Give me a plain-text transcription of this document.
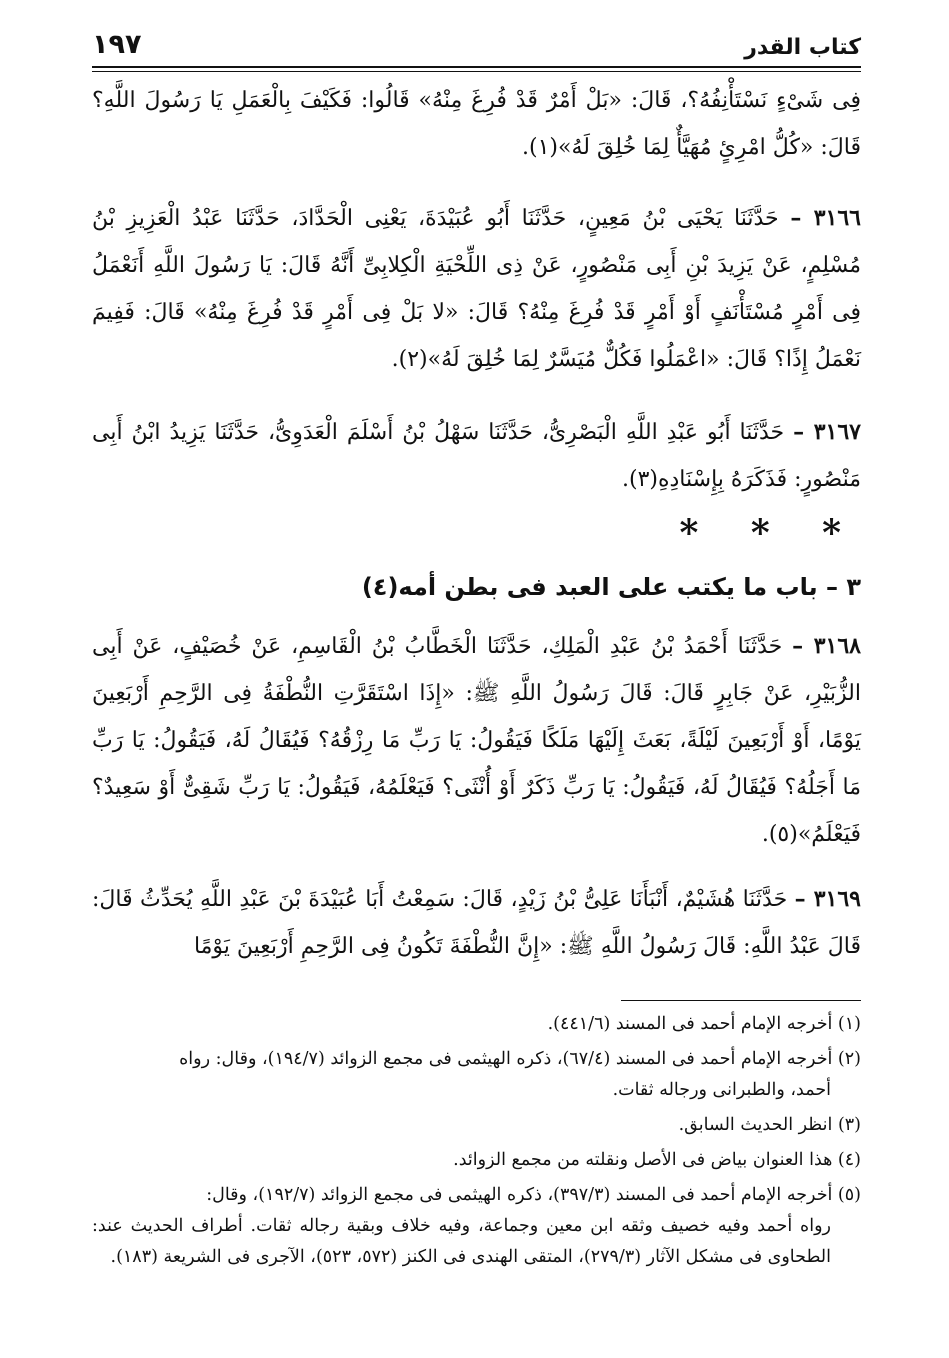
كتاب القدر
١٩٧

فِى شَىْءٍ نَسْتَأْنِفُهُ؟، قَالَ: «بَلْ أَمْرٌ قَدْ فُرِغَ مِنْهُ» قَالُوا: فَكَيْفَ بِالْعَمَلِ يَا رَسُولَ اللَّهِ؟ قَالَ: «كُلُّ امْرِئٍ مُهَيَّأٌ لِمَا خُلِقَ لَهُ»(١).

٣١٦٦ – حَدَّثَنَا يَحْيَى بْنُ مَعِينٍ، حَدَّثَنَا أَبُو عُبَيْدَةَ، يَعْنِى الْحَدَّادَ، حَدَّثَنَا عَبْدُ الْعَزِيزِ بْنُ مُسْلِمٍ، عَنْ يَزِيدَ بْنِ أَبِى مَنْصُورٍ، عَنْ ذِى اللِّحْيَةِ الْكِلابِىِّ أَنَّهُ قَالَ: يَا رَسُولَ اللَّهِ أَنَعْمَلُ فِى أَمْرٍ مُسْتَأْنَفٍ أَوْ أَمْرٍ قَدْ فُرِغَ مِنْهُ؟ قَالَ: «لا بَلْ فِى أَمْرٍ قَدْ فُرِغَ مِنْهُ» قَالَ: فَفِيمَ نَعْمَلُ إِذًا؟ قَالَ: «اعْمَلُوا فَكُلٌّ مُيَسَّرٌ لِمَا خُلِقَ لَهُ»(٢).

٣١٦٧ – حَدَّثَنَا أَبُو عَبْدِ اللَّهِ الْبَصْرِىُّ، حَدَّثَنَا سَهْلُ بْنُ أَسْلَمَ الْعَدَوِىُّ، حَدَّثَنَا يَزِيدُ ابْنُ أَبِى مَنْصُورٍ: فَذَكَرَهُ بِإِسْنَادِهِ(٣).

* * *
٣ – باب ما يكتب على العبد فى بطن أمه(٤)

٣١٦٨ – حَدَّثَنَا أَحْمَدُ بْنُ عَبْدِ الْمَلِكِ، حَدَّثَنَا الْخَطَّابُ بْنُ الْقَاسِمِ، عَنْ خُصَيْفٍ، عَنْ أَبِى الزُّبَيْرِ، عَنْ جَابِرٍ قَالَ: قَالَ رَسُولُ اللَّهِ ﷺ: «إِذَا اسْتَقَرَّتِ النُّطْفَةُ فِى الرَّحِمِ أَرْبَعِينَ يَوْمًا، أَوْ أَرْبَعِينَ لَيْلَةً، بَعَثَ إِلَيْهَا مَلَكًا فَيَقُولُ: يَا رَبِّ مَا رِزْقُهُ؟ فَيُقَالُ لَهُ، فَيَقُولُ: يَا رَبِّ مَا أَجَلُهُ؟ فَيُقَالُ لَهُ، فَيَقُولُ: يَا رَبِّ ذَكَرٌ أَوْ أُنْثَى؟ فَيَعْلَمُهُ، فَيَقُولُ: يَا رَبِّ شَقِىٌّ أَوْ سَعِيدٌ؟ فَيَعْلَمُ»(٥).

٣١٦٩ – حَدَّثَنَا هُشَيْمٌ، أَنْبَأَنَا عَلِىُّ بْنُ زَيْدٍ، قَالَ: سَمِعْتُ أَبَا عُبَيْدَةَ بْنَ عَبْدِ اللَّهِ يُحَدِّثُ قَالَ: قَالَ عَبْدُ اللَّهِ: قَالَ رَسُولُ اللَّهِ ﷺ: «إِنَّ النُّطْفَةَ تَكُونُ فِى الرَّحِمِ أَرْبَعِينَ يَوْمًا

(١) أخرجه الإمام أحمد فى المسند (٤٤١/٦).

(٢) أخرجه الإمام أحمد فى المسند (٦٧/٤)، ذكره الهيثمى فى مجمع الزوائد (١٩٤/٧)، وقال: رواه
أحمد، والطبرانى ورجاله ثقات.

(٣) انظر الحديث السابق.

(٤) هذا العنوان بياض فى الأصل ونقلته من مجمع الزوائد.

(٥) أخرجه الإمام أحمد فى المسند (٣٩٧/٣)، ذكره الهيثمى فى مجمع الزوائد (١٩٢/٧)، وقال:
رواه أحمد وفيه خصيف وثقه ابن معين وجماعة، وفيه خلاف وبقية رجاله ثقات. أطراف الحديث عند: الطحاوى فى مشكل الآثار (٢٧٩/٣)، المتقى الهندى فى الكنز (٥٧٢، ٥٢٣)، الآجرى فى الشريعة (١٨٣).
